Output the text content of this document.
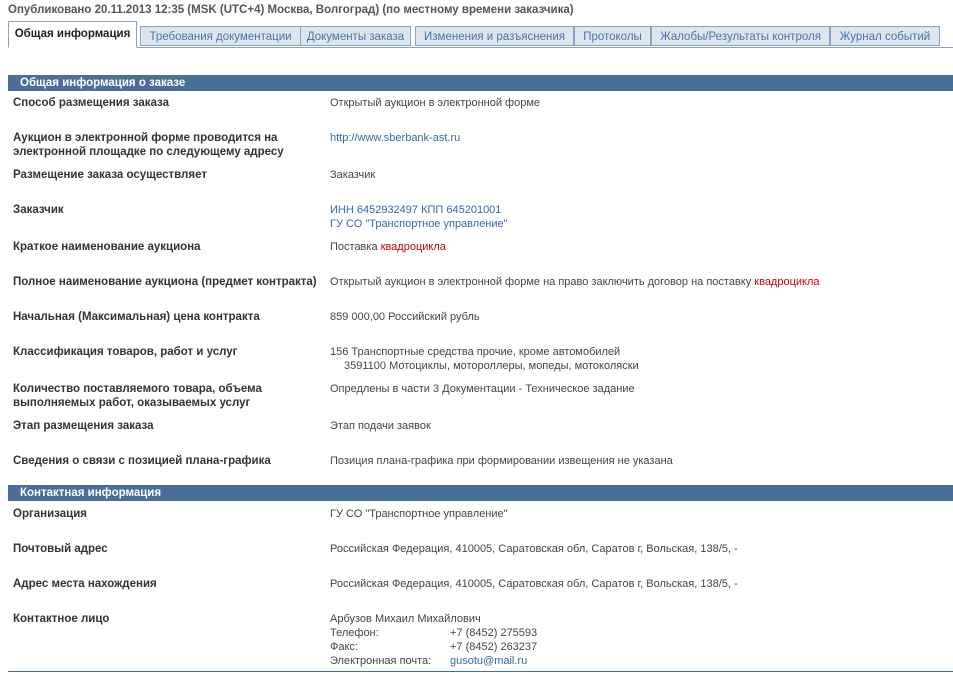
Опубликовано 20.11.2013 12:35 (MSK (UTC+4) Москва, Волгоград) (по местному времени заказчика)
Общая информация	Требования документации	Документы заказа	Изменения и разъяснения	Протоколы	Жалобы/Результаты контроля	Журнал событий
Общая информация о заказе
Способ размещения заказа	Открытый аукцион в электронной форме
Аукцион в электронной форме проводится на электронной площадке по следующему адресу
http://www.sberbank-ast.ru
Размещение заказа осуществляет	Заказчик
Заказчик	ИНН 6452932497 КПП 645201001
ГУ СО "Транспортное управление"
Краткое наименование аукциона	Поставка квадроцикла
Полное наименование аукциона (предмет контракта)	Открытый аукцион в электронной форме на право заключить договор на поставку квадроцикла
Начальная (Максимальная) цена контракта	859 000,00 Российский рубль
Классификация товаров, работ и услуг	156 Транспортные средства прочие, кроме автомобилей
3591100 Мотоциклы, мотороллеры, мопеды, мотоколяски
Количество поставляемого товара, объема выполняемых работ, оказываемых услуг
Опредлены в части 3 Документации - Техническое задание
Этап размещения заказа	Этап подачи заявок
Сведения о связи с позицией плана-графика	Позиция плана-графика при формировании извещения не указана
Контактная информация
Организация	ГУ СО "Транспортное управление"
Почтовый адрес	Российская Федерация, 410005, Саратовская обл, Саратов г, Вольская, 138/5, -
Адрес места нахождения	Российская Федерация, 410005, Саратовская обл, Саратов г, Вольская, 138/5, -
Контактное лицо	Арбузов Михаил Михайлович
Телефон:	+7 (8452) 275593
Факс:	+7 (8452) 263237
Электронная почта: gusotu@mail.ru
